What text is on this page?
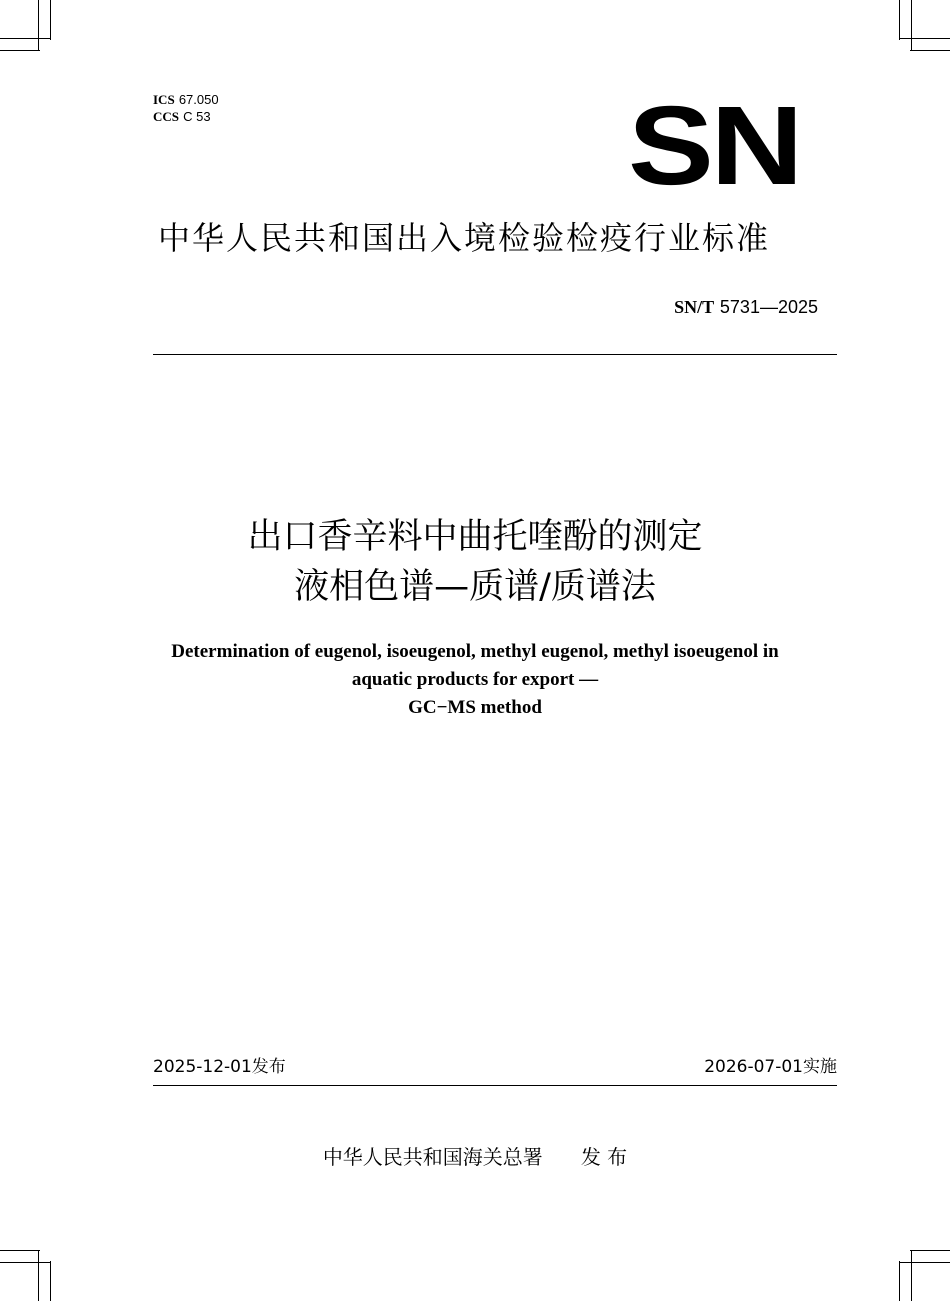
ICS 67.050
CCS C 53	SN
中华人民共和国出入境检验检疫行业标准
SN/T 5731—2025
出口香辛料中曲托喹酚的测定
液相色谱—质谱/质谱法
Determination of eugenol, isoeugenol, methyl eugenol, methyl isoeugenol in
aquatic products for export —
GC−MS method
2025-12-01发布	2026-07-01实施
中华人民共和国海关总署 发 布
